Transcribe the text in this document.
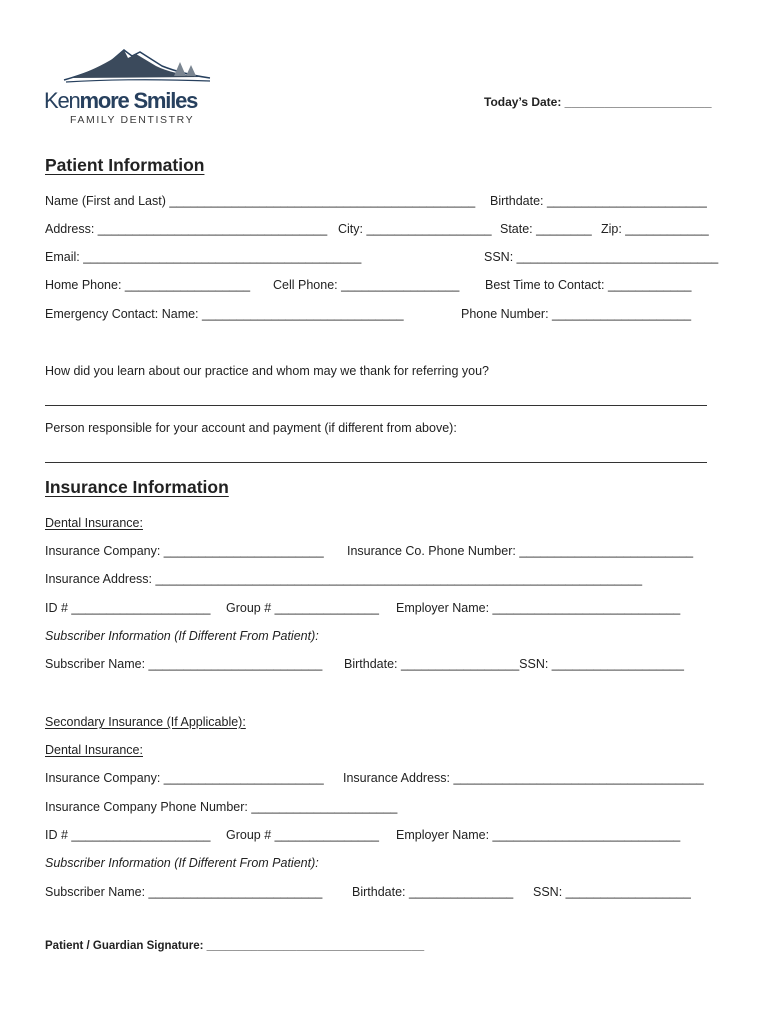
Kenmore Smiles
FAMILY DENTISTRY
Today’s Date: ______________________
Patient Information
Name (First and Last) ____________________________________________ Birthdate: _______________________
Address: _________________________________ City: __________________ State: ________ Zip: ____________
Email: ________________________________________	SSN: _____________________________
Home Phone: __________________ Cell Phone: _________________ Best Time to Contact: ____________
Emergency Contact: Name: _____________________________	Phone Number: ____________________
How did you learn about our practice and whom may we thank for referring you?
Person responsible for your account and payment (if different from above):
Insurance Information
Dental Insurance:
Insurance Company: _______________________ Insurance Co. Phone Number: _________________________
Insurance Address: ______________________________________________________________________
ID # ____________________ Group # _______________ Employer Name: ___________________________
Subscriber Information (If Different From Patient):
Subscriber Name: _________________________ Birthdate: _________________SSN: ___________________
Secondary Insurance (If Applicable):
Dental Insurance:
Insurance Company: _______________________ Insurance Address: ____________________________________
Insurance Company Phone Number: _____________________
ID # ____________________ Group # _______________ Employer Name: ___________________________
Subscriber Information (If Different From Patient):
Subscriber Name: _________________________ Birthdate: _______________ SSN: __________________
Patient / Guardian Signature: __________________________________
